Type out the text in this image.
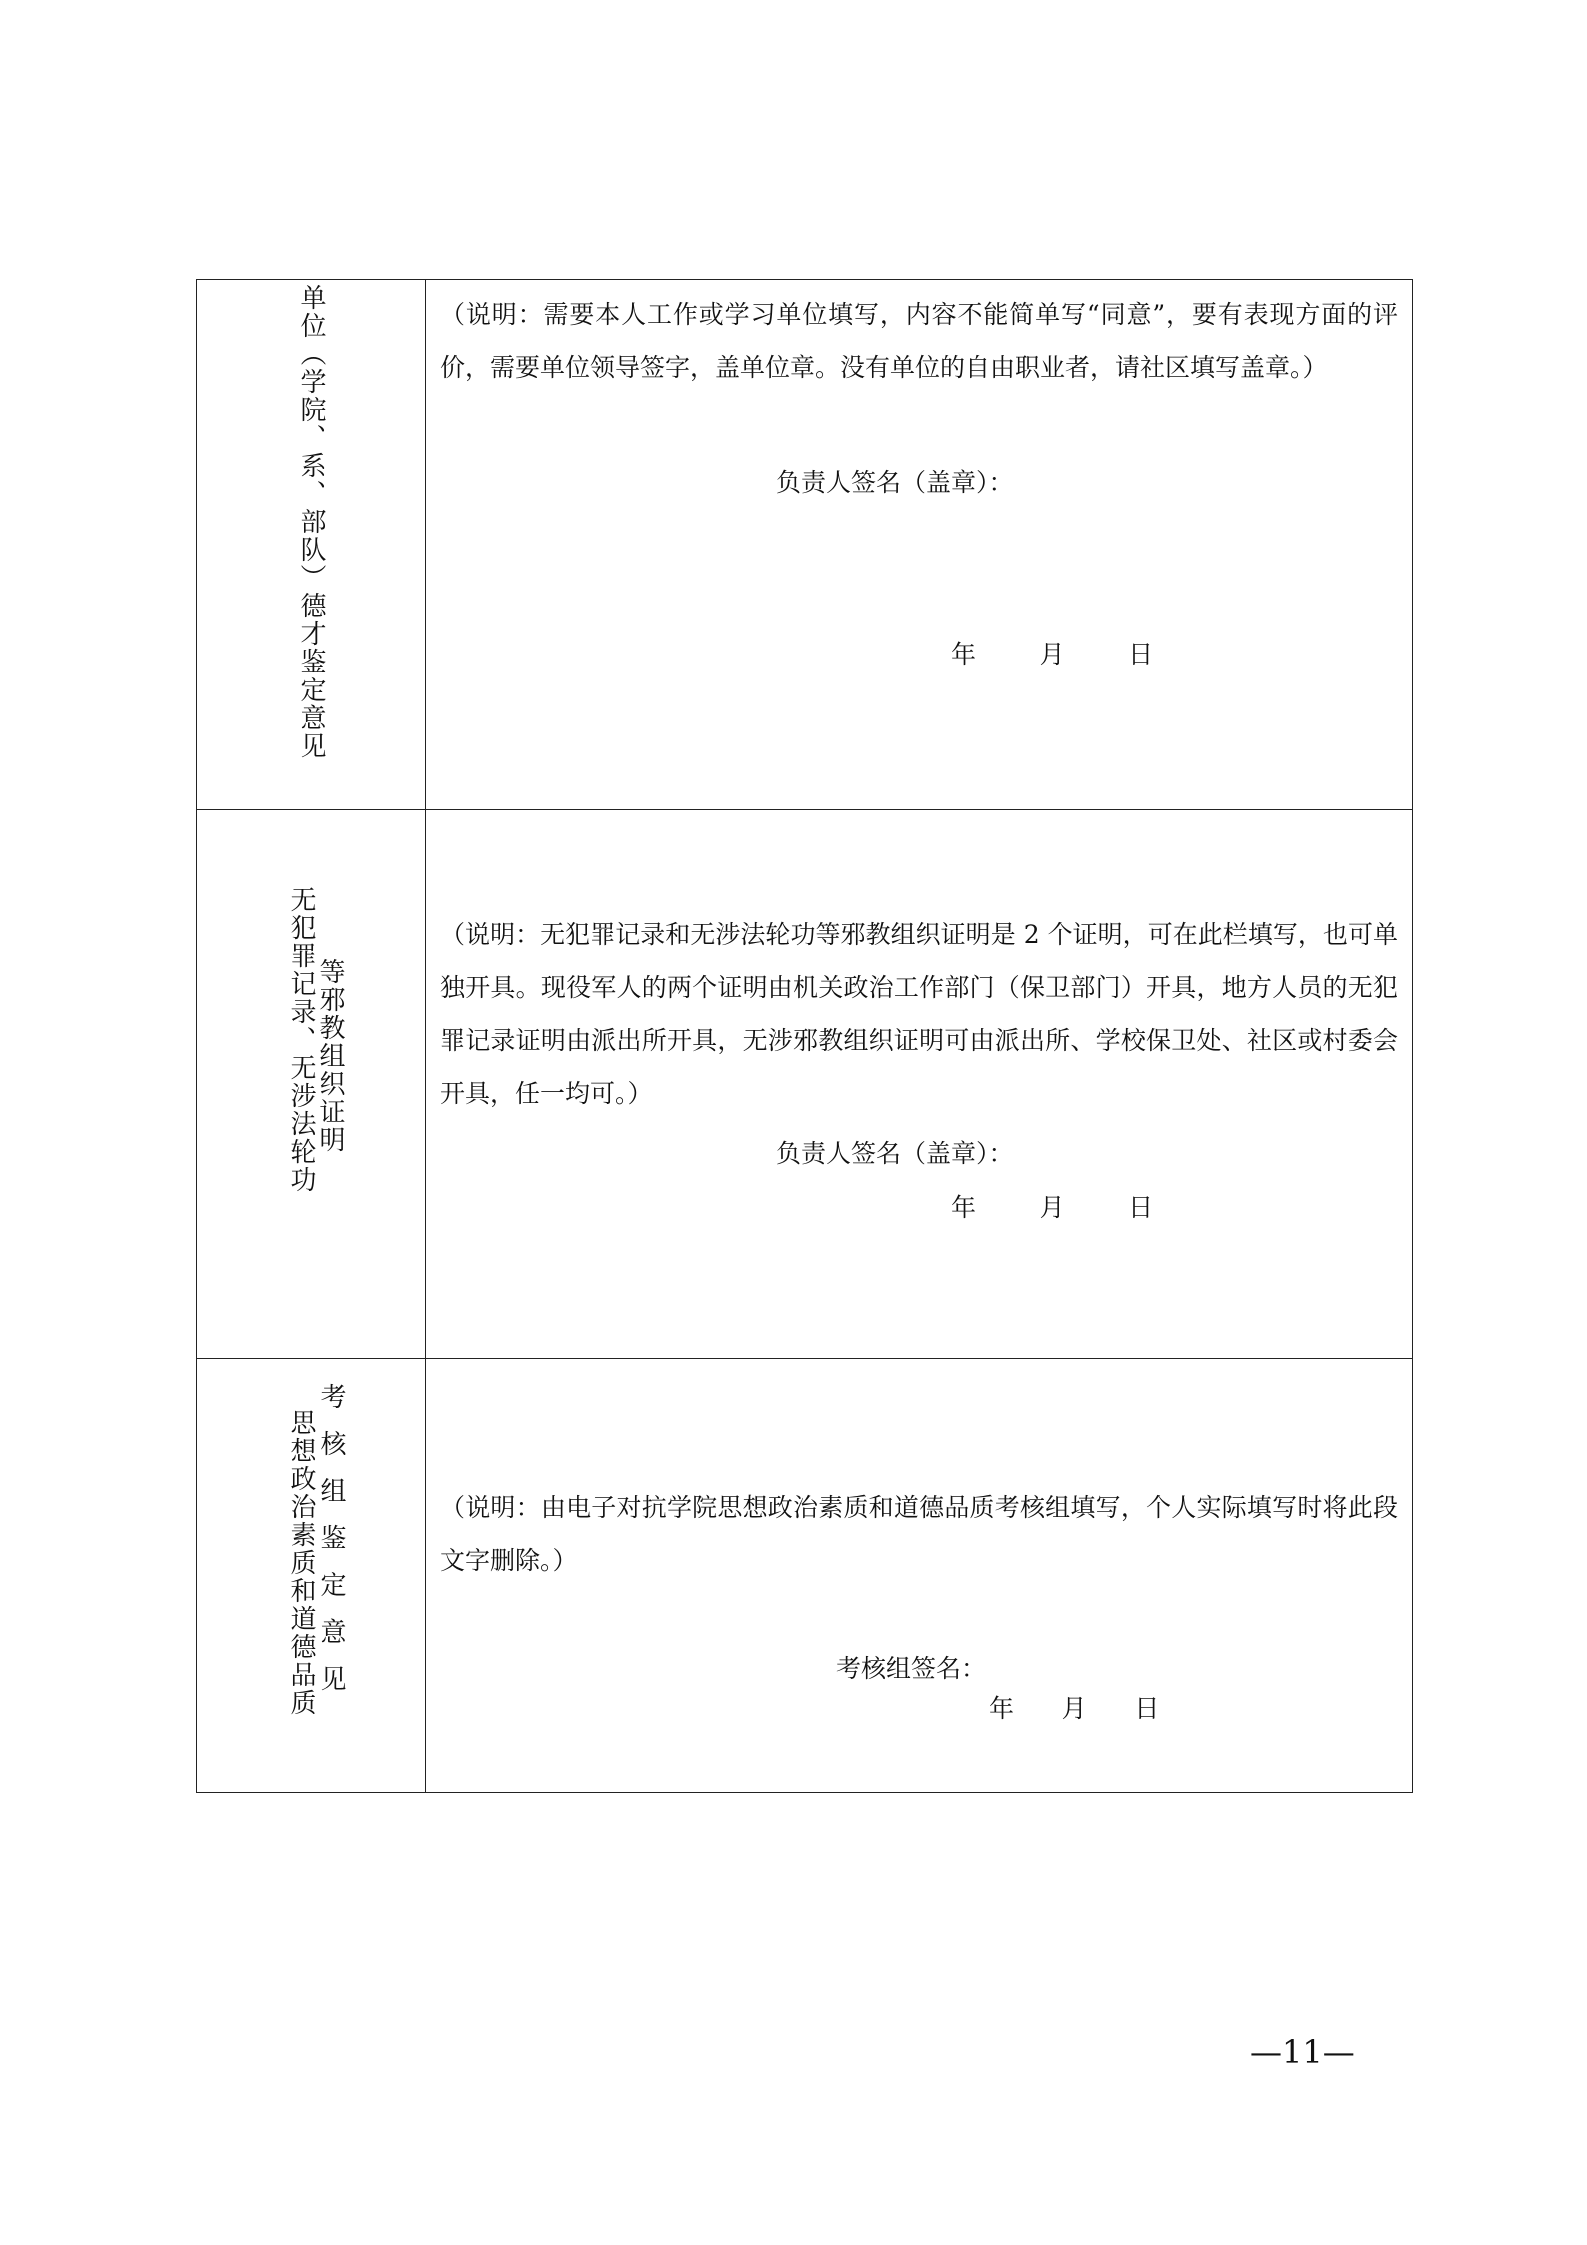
单位（学院、系、部队）德才鉴定意见	（说明：需要本人工作或学习单位填写，内容不能简单写“同意”，要有表现方面的评价，需要单位领导签字，盖单位章。没有单位的自由职业者，请社区填写盖章。）

负责人签名（盖章）：
年        月        日

无犯罪记录、无涉法轮功 等邪教组织证明	（说明：无犯罪记录和无涉法轮功等邪教组织证明是 2 个证明，可在此栏填写，也可单独开具。现役军人的两个证明由机关政治工作部门（保卫部门）开具，地方人员的无犯罪记录证明由派出所开具，无涉邪教组织证明可由派出所、学校保卫处、社区或村委会开具，任一均可。）

负责人签名（盖章）：
年        月        日

思想政治素质和道德品质 考核组鉴定意见	（说明：由电子对抗学院思想政治素质和道德品质考核组填写，个人实际填写时将此段文字删除。）

考核组签名：
年      月      日
—11—
